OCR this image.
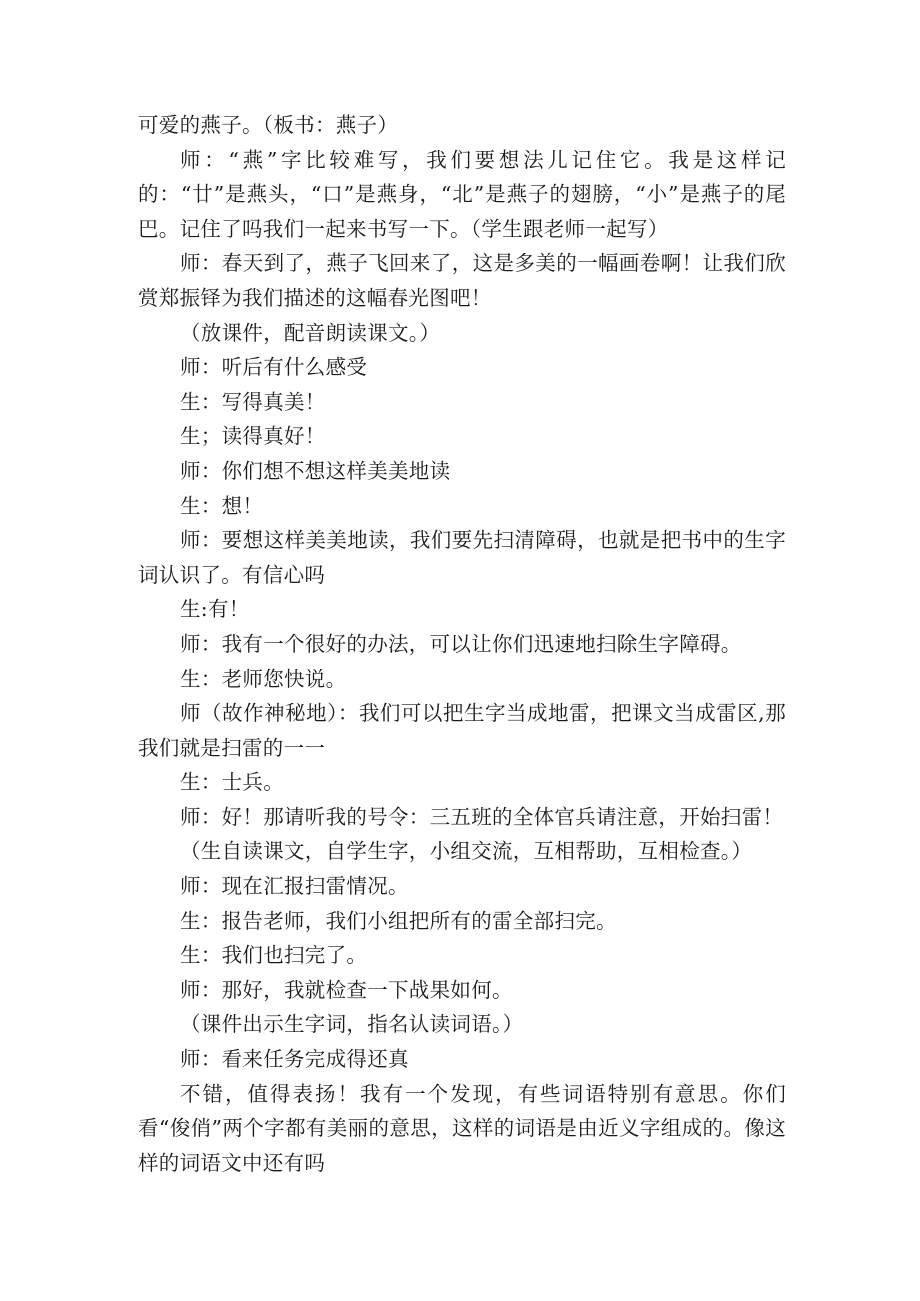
可爱的燕子。（板书：燕子）

师：“燕”字比较难写，我们要想法儿记住它。我是这样记的：“廿”是燕头，“口”是燕身，“北”是燕子的翅膀，“小”是燕子的尾巴。记住了吗我们一起来书写一下。（学生跟老师一起写）

师：春天到了，燕子飞回来了，这是多美的一幅画卷啊！让我们欣赏郑振铎为我们描述的这幅春光图吧！

（放课件，配音朗读课文。）

师：听后有什么感受

生：写得真美！

生；读得真好！

师：你们想不想这样美美地读

生：想！

师：要想这样美美地读，我们要先扫清障碍，也就是把书中的生字词认识了。有信心吗

生:有！

师：我有一个很好的办法，可以让你们迅速地扫除生字障碍。

生：老师您快说。

师（故作神秘地）：我们可以把生字当成地雷，把课文当成雷区,那我们就是扫雷的一一

生：士兵。

师：好！那请听我的号令：三五班的全体官兵请注意，开始扫雷！

（生自读课文，自学生字，小组交流，互相帮助，互相检查。）

师：现在汇报扫雷情况。

生：报告老师，我们小组把所有的雷全部扫完。

生：我们也扫完了。

师：那好，我就检查一下战果如何。

（课件出示生字词，指名认读词语。）

师：看来任务完成得还真

不错，值得表扬！我有一个发现，有些词语特别有意思。你们看“俊俏”两个字都有美丽的意思，这样的词语是由近义字组成的。像这样的词语文中还有吗
